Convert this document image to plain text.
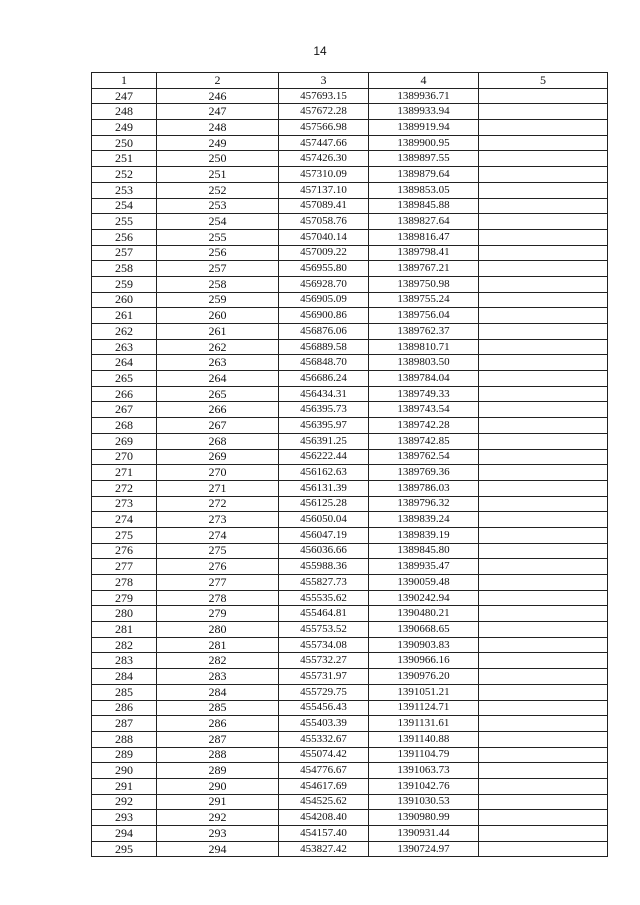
14
1	2	3	4	5
247	246	457693.15	1389936.71	
248	247	457672.28	1389933.94	
249	248	457566.98	1389919.94	
250	249	457447.66	1389900.95	
251	250	457426.30	1389897.55	
252	251	457310.09	1389879.64	
253	252	457137.10	1389853.05	
254	253	457089.41	1389845.88	
255	254	457058.76	1389827.64	
256	255	457040.14	1389816.47	
257	256	457009.22	1389798.41	
258	257	456955.80	1389767.21	
259	258	456928.70	1389750.98	
260	259	456905.09	1389755.24	
261	260	456900.86	1389756.04	
262	261	456876.06	1389762.37	
263	262	456889.58	1389810.71	
264	263	456848.70	1389803.50	
265	264	456686.24	1389784.04	
266	265	456434.31	1389749.33	
267	266	456395.73	1389743.54	
268	267	456395.97	1389742.28	
269	268	456391.25	1389742.85	
270	269	456222.44	1389762.54	
271	270	456162.63	1389769.36	
272	271	456131.39	1389786.03	
273	272	456125.28	1389796.32	
274	273	456050.04	1389839.24	
275	274	456047.19	1389839.19	
276	275	456036.66	1389845.80	
277	276	455988.36	1389935.47	
278	277	455827.73	1390059.48	
279	278	455535.62	1390242.94	
280	279	455464.81	1390480.21	
281	280	455753.52	1390668.65	
282	281	455734.08	1390903.83	
283	282	455732.27	1390966.16	
284	283	455731.97	1390976.20	
285	284	455729.75	1391051.21	
286	285	455456.43	1391124.71	
287	286	455403.39	1391131.61	
288	287	455332.67	1391140.88	
289	288	455074.42	1391104.79	
290	289	454776.67	1391063.73	
291	290	454617.69	1391042.76	
292	291	454525.62	1391030.53	
293	292	454208.40	1390980.99	
294	293	454157.40	1390931.44	
295	294	453827.42	1390724.97	
